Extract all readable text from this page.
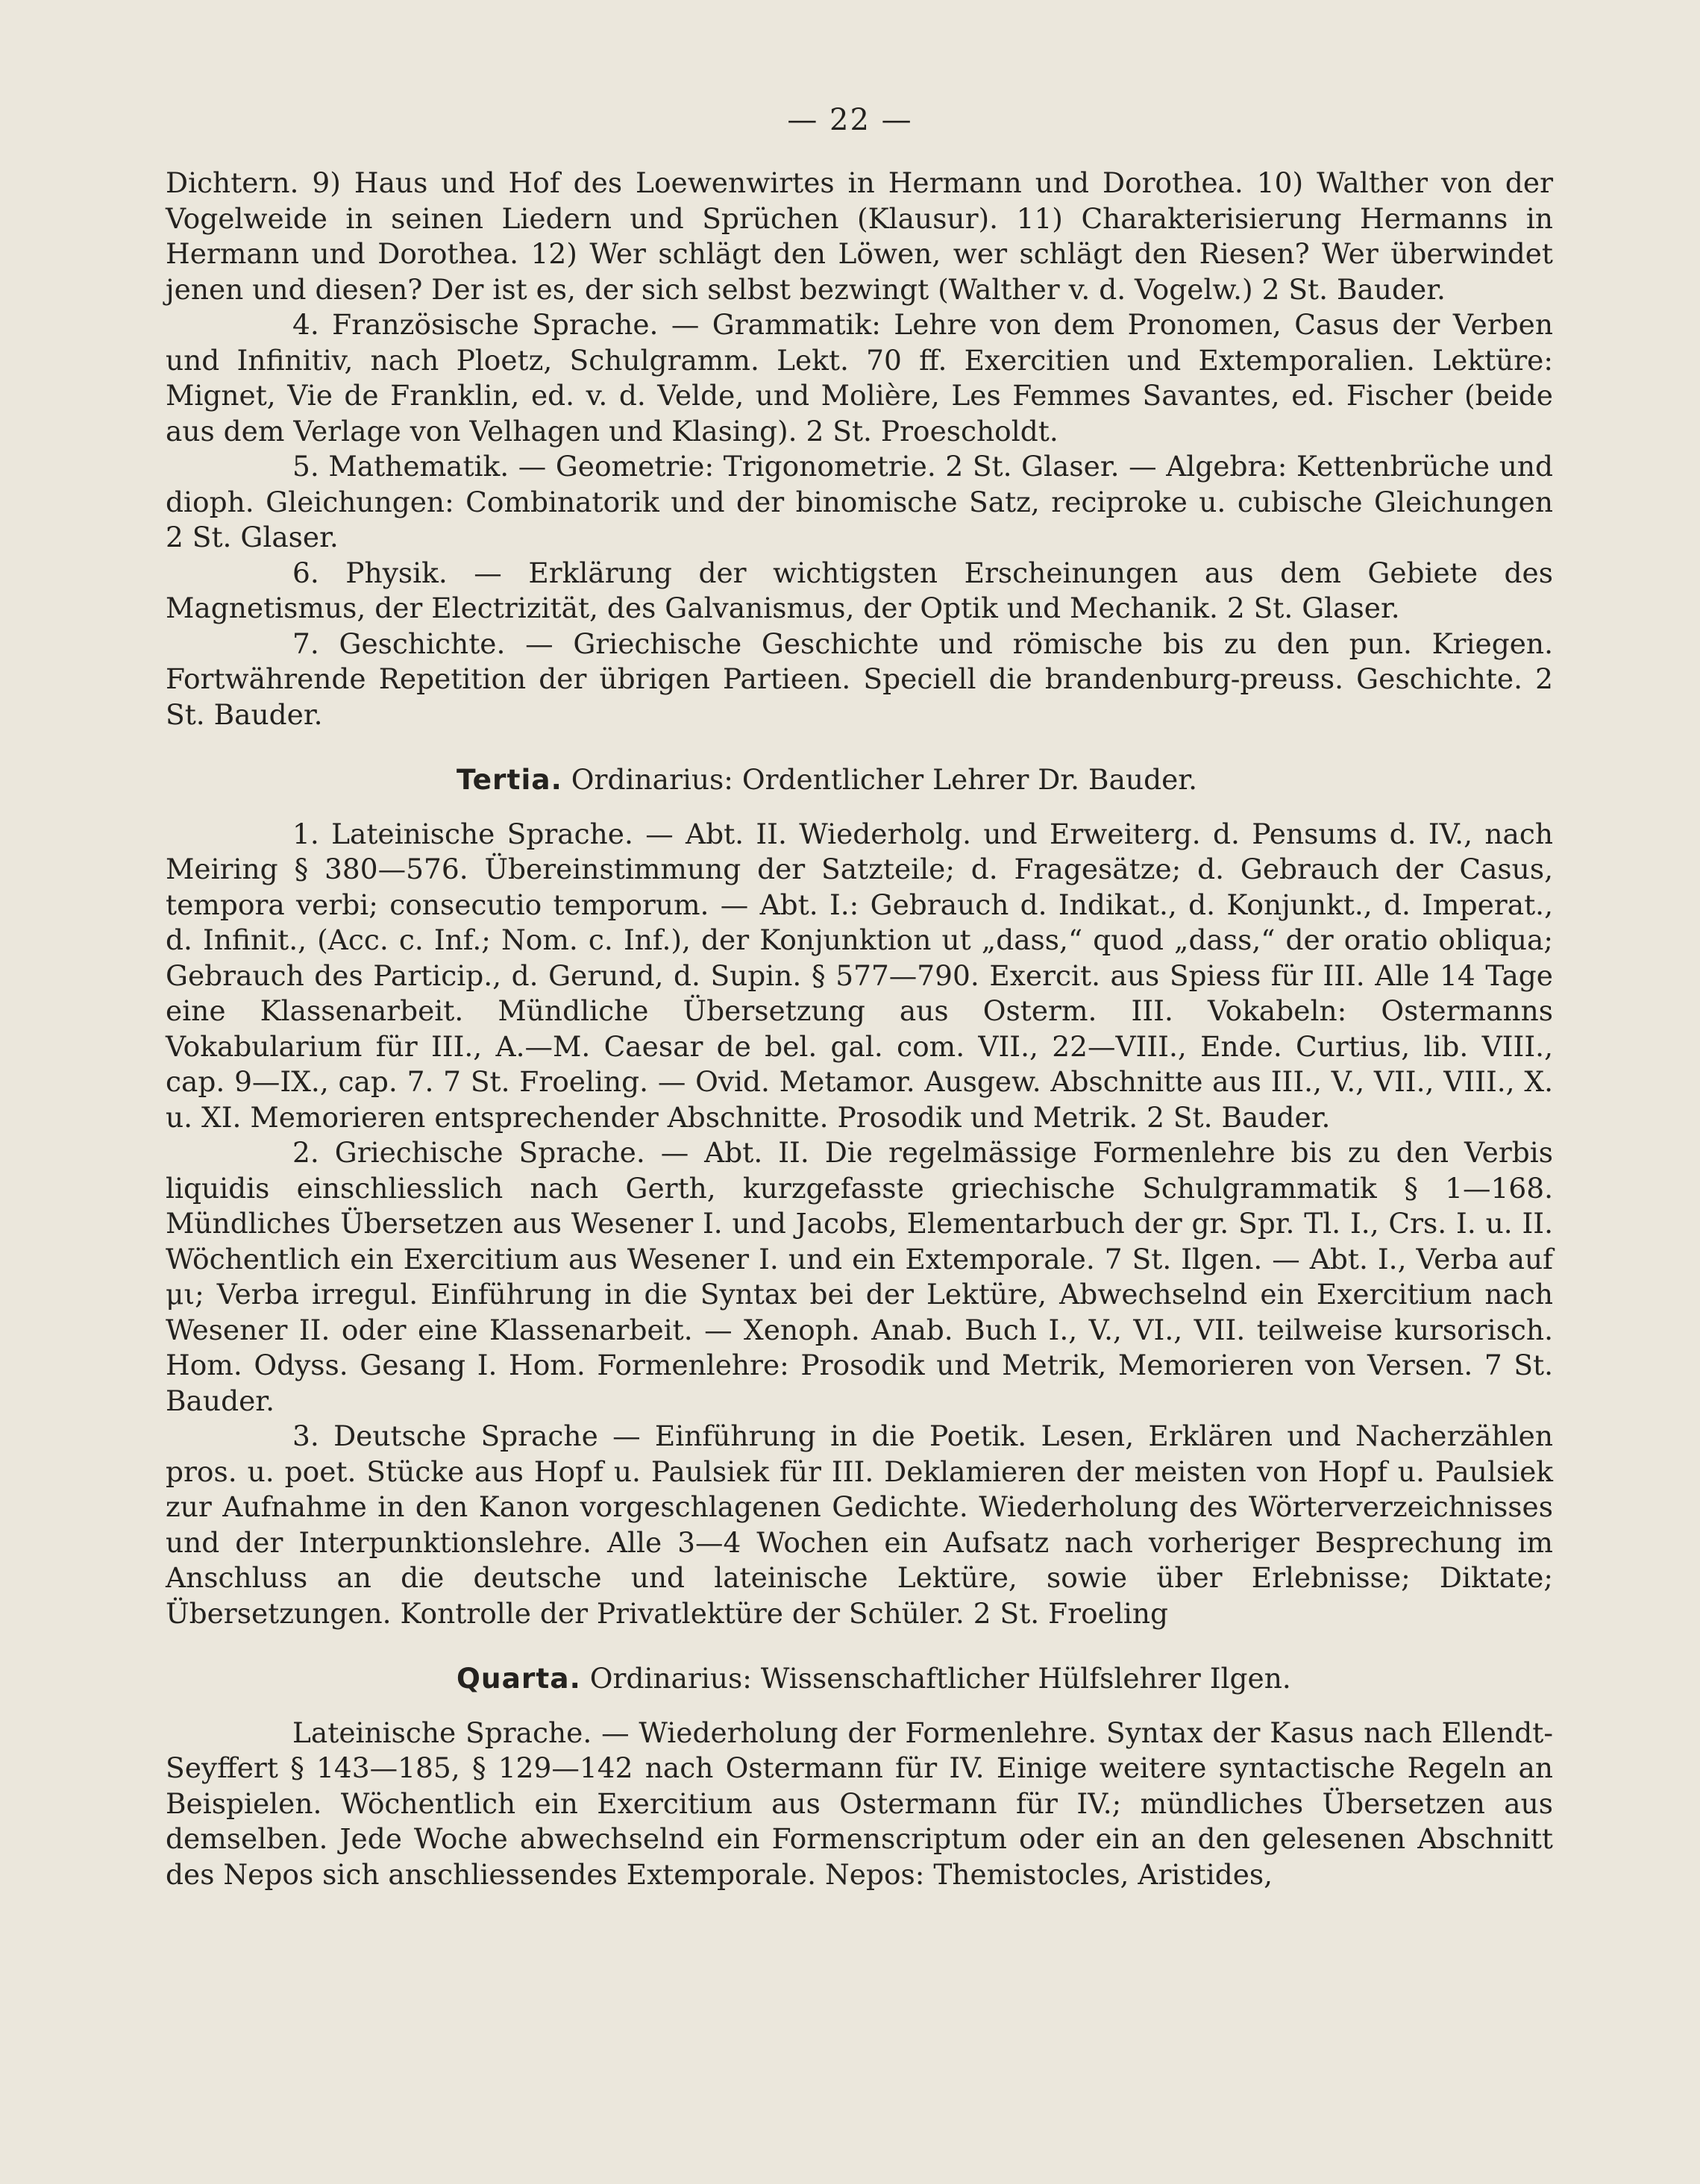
— 22 —

Dichtern. 9) Haus und Hof des Loewenwirtes in Hermann und Dorothea. 10) Walther von der Vogelweide in seinen Liedern und Sprüchen (Klausur). 11) Charakterisierung Hermanns in Hermann und Dorothea. 12) Wer schlägt den Löwen, wer schlägt den Riesen? Wer überwindet jenen und diesen? Der ist es, der sich selbst bezwingt (Walther v. d. Vogelw.) 2 St. Bauder.

4. Französische Sprache. — Grammatik: Lehre von dem Pronomen, Casus der Verben und Infinitiv, nach Ploetz, Schulgramm. Lekt. 70 ff. Exercitien und Extemporalien. Lektüre: Mignet, Vie de Franklin, ed. v. d. Velde, und Molière, Les Femmes Savantes, ed. Fischer (beide aus dem Verlage von Velhagen und Klasing). 2 St. Proescholdt.

5. Mathematik. — Geometrie: Trigonometrie. 2 St. Glaser. — Algebra: Kettenbrüche und dioph. Gleichungen: Combinatorik und der binomische Satz, reciproke u. cubische Gleichungen 2 St. Glaser.

6. Physik. — Erklärung der wichtigsten Erscheinungen aus dem Gebiete des Magnetismus, der Electrizität, des Galvanismus, der Optik und Mechanik. 2 St. Glaser.

7. Geschichte. — Griechische Geschichte und römische bis zu den pun. Kriegen. Fortwährende Repetition der übrigen Partieen. Speciell die brandenburg-preuss. Geschichte. 2 St. Bauder.

Tertia. Ordinarius: Ordentlicher Lehrer Dr. Bauder.

1. Lateinische Sprache. — Abt. II. Wiederholg. und Erweiterg. d. Pensums d. IV., nach Meiring § 380—576. Übereinstimmung der Satzteile; d. Fragesätze; d. Gebrauch der Casus, tempora verbi; consecutio temporum. — Abt. I.: Gebrauch d. Indikat., d. Konjunkt., d. Imperat., d. Infinit., (Acc. c. Inf.; Nom. c. Inf.), der Konjunktion ut „dass,“ quod „dass,“ der oratio obliqua; Gebrauch des Particip., d. Gerund, d. Supin. § 577—790. Exercit. aus Spiess für III. Alle 14 Tage eine Klassenarbeit. Mündliche Übersetzung aus Osterm. III. Vokabeln: Ostermanns Vokabularium für III., A.—M. Caesar de bel. gal. com. VII., 22—VIII., Ende. Curtius, lib. VIII., cap. 9—IX., cap. 7. 7 St. Froeling. — Ovid. Metamor. Ausgew. Abschnitte aus III., V., VII., VIII., X. u. XI. Memorieren entsprechender Abschnitte. Prosodik und Metrik. 2 St. Bauder.

2. Griechische Sprache. — Abt. II. Die regelmässige Formenlehre bis zu den Verbis liquidis einschliesslich nach Gerth, kurzgefasste griechische Schulgrammatik § 1—168. Mündliches Übersetzen aus Wesener I. und Jacobs, Elementarbuch der gr. Spr. Tl. I., Crs. I. u. II. Wöchentlich ein Exercitium aus Wesener I. und ein Extemporale. 7 St. Ilgen. — Abt. I., Verba auf μι; Verba irregul. Einführung in die Syntax bei der Lektüre, Abwechselnd ein Exercitium nach Wesener II. oder eine Klassenarbeit. — Xenoph. Anab. Buch I., V., VI., VII. teilweise kursorisch. Hom. Odyss. Gesang I. Hom. Formenlehre: Prosodik und Metrik, Memorieren von Versen. 7 St. Bauder.

3. Deutsche Sprache — Einführung in die Poetik. Lesen, Erklären und Nacherzählen pros. u. poet. Stücke aus Hopf u. Paulsiek für III. Deklamieren der meisten von Hopf u. Paulsiek zur Aufnahme in den Kanon vorgeschlagenen Gedichte. Wiederholung des Wörterverzeichnisses und der Interpunktionslehre. Alle 3—4 Wochen ein Aufsatz nach vorheriger Besprechung im Anschluss an die deutsche und lateinische Lektüre, sowie über Erlebnisse; Diktate; Übersetzungen. Kontrolle der Privatlektüre der Schüler. 2 St. Froeling

Quarta. Ordinarius: Wissenschaftlicher Hülfslehrer Ilgen.

Lateinische Sprache. — Wiederholung der Formenlehre. Syntax der Kasus nach Ellendt-Seyffert § 143—185, § 129—142 nach Ostermann für IV. Einige weitere syntactische Regeln an Beispielen. Wöchentlich ein Exercitium aus Ostermann für IV.; mündliches Übersetzen aus demselben. Jede Woche abwechselnd ein Formenscriptum oder ein an den gelesenen Abschnitt des Nepos sich anschliessendes Extemporale. Nepos: Themistocles, Aristides,
